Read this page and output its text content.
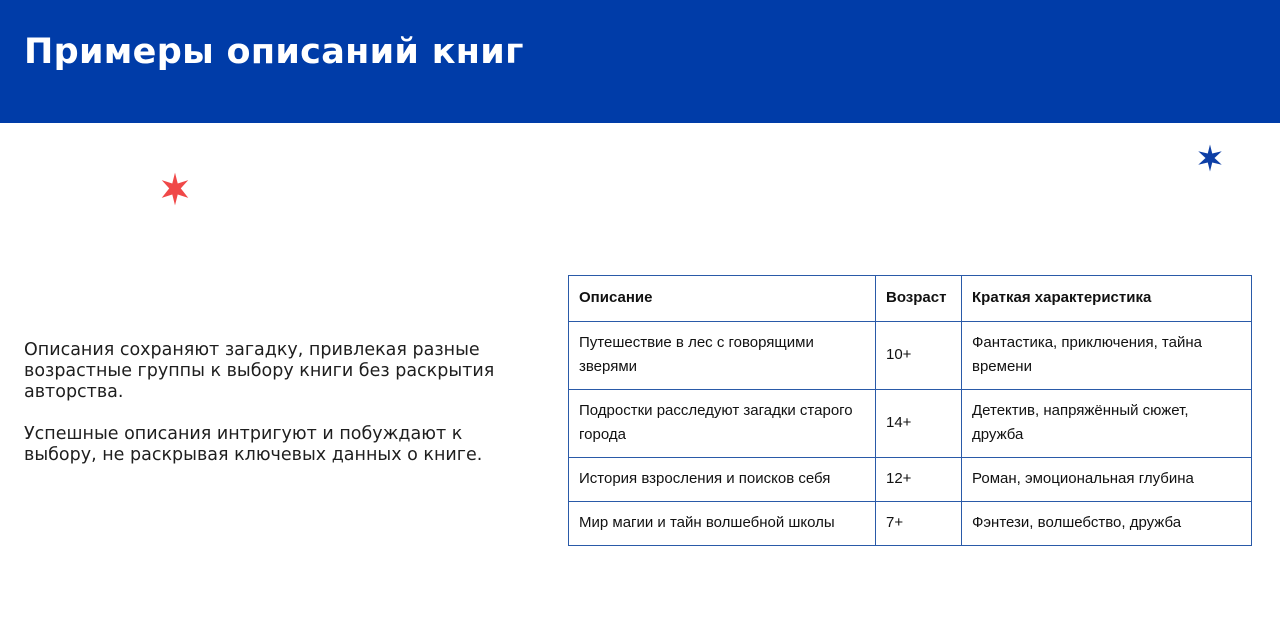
Примеры описаний книг

Описания сохраняют загадку, привлекая разные возрастные группы к выбору книги без раскрытия авторства.

Успешные описания интригуют и побуждают к выбору, не раскрывая ключевых данных о книге.

Описание	Возраст	Краткая характеристика
Путешествие в лес с говорящими зверями	10+	Фантастика, приключения, тайна времени
Подростки расследуют загадки старого города	14+	Детектив, напряжённый сюжет, дружба
История взросления и поисков себя	12+	Роман, эмоциональная глубина
Мир магии и тайн волшебной школы	7+	Фэнтези, волшебство, дружба
